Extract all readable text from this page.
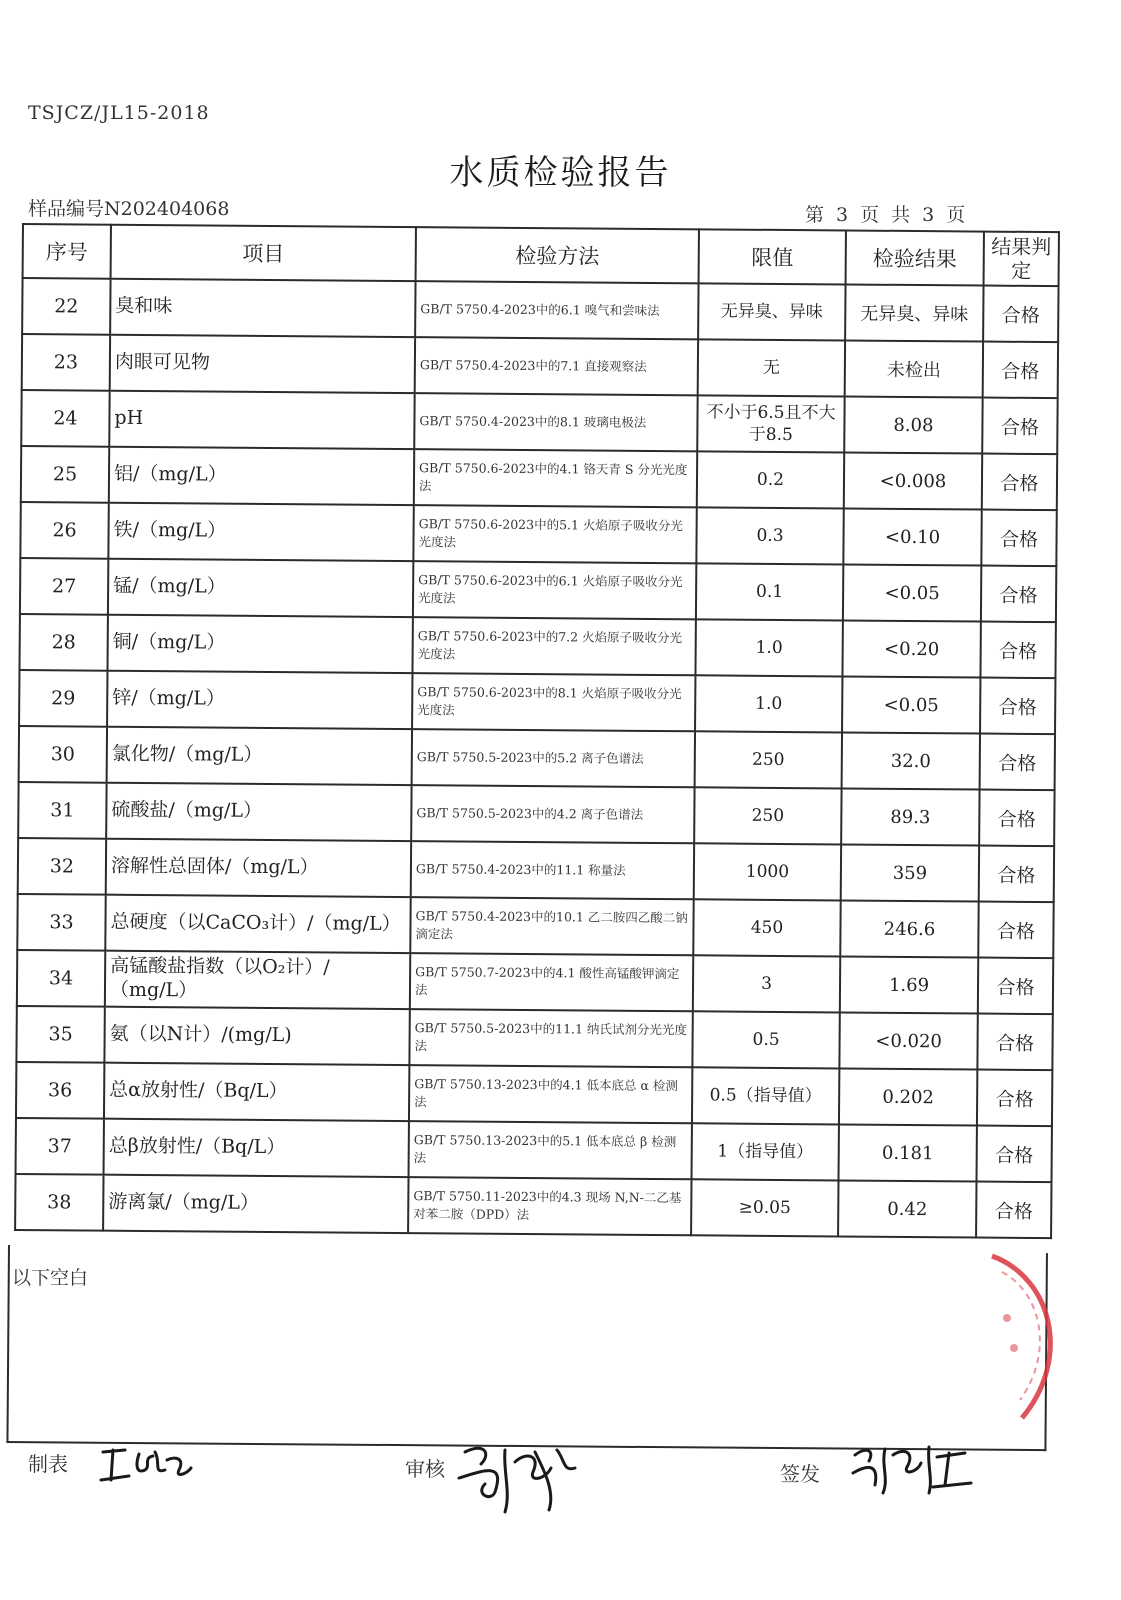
TSJCZ/JL15-2018
水质检验报告
样品编号N202404068	第 3 页 共 3 页
序号	项目	检验方法	限值	检验结果	结果判定
22	臭和味	GB/T 5750.4-2023中的6.1 嗅气和尝味法	无异臭、异味	无异臭、异味	合格
23	肉眼可见物	GB/T 5750.4-2023中的7.1 直接观察法	无	未检出	合格
24	pH	GB/T 5750.4-2023中的8.1 玻璃电极法	不小于6.5且不大于8.5	8.08	合格
25	铝/（mg/L）	GB/T 5750.6-2023中的4.1 铬天青 S 分光光度法	0.2	<0.008	合格
26	铁/（mg/L）	GB/T 5750.6-2023中的5.1 火焰原子吸收分光光度法	0.3	<0.10	合格
27	锰/（mg/L）	GB/T 5750.6-2023中的6.1 火焰原子吸收分光光度法	0.1	<0.05	合格
28	铜/（mg/L）	GB/T 5750.6-2023中的7.2 火焰原子吸收分光光度法	1.0	<0.20	合格
29	锌/（mg/L）	GB/T 5750.6-2023中的8.1 火焰原子吸收分光光度法	1.0	<0.05	合格
30	氯化物/（mg/L）	GB/T 5750.5-2023中的5.2 离子色谱法	250	32.0	合格
31	硫酸盐/（mg/L）	GB/T 5750.5-2023中的4.2 离子色谱法	250	89.3	合格
32	溶解性总固体/（mg/L）	GB/T 5750.4-2023中的11.1 称量法	1000	359	合格
33	总硬度（以CaCO₃计）/（mg/L）	GB/T 5750.4-2023中的10.1 乙二胺四乙酸二钠滴定法	450	246.6	合格
34	高锰酸盐指数（以O₂计）/（mg/L）	GB/T 5750.7-2023中的4.1 酸性高锰酸钾滴定法	3	1.69	合格
35	氨（以N计）/(mg/L)	GB/T 5750.5-2023中的11.1 纳氏试剂分光光度法	0.5	<0.020	合格
36	总α放射性/（Bq/L）	GB/T 5750.13-2023中的4.1 低本底总 α 检测法	0.5（指导值）	0.202	合格
37	总β放射性/（Bq/L）	GB/T 5750.13-2023中的5.1 低本底总 β 检测法	1（指导值）	0.181	合格
38	游离氯/（mg/L）	GB/T 5750.11-2023中的4.3 现场 N,N-二乙基对苯二胺（DPD）法	≥0.05	0.42	合格
以下空白
制表	审核	签发
